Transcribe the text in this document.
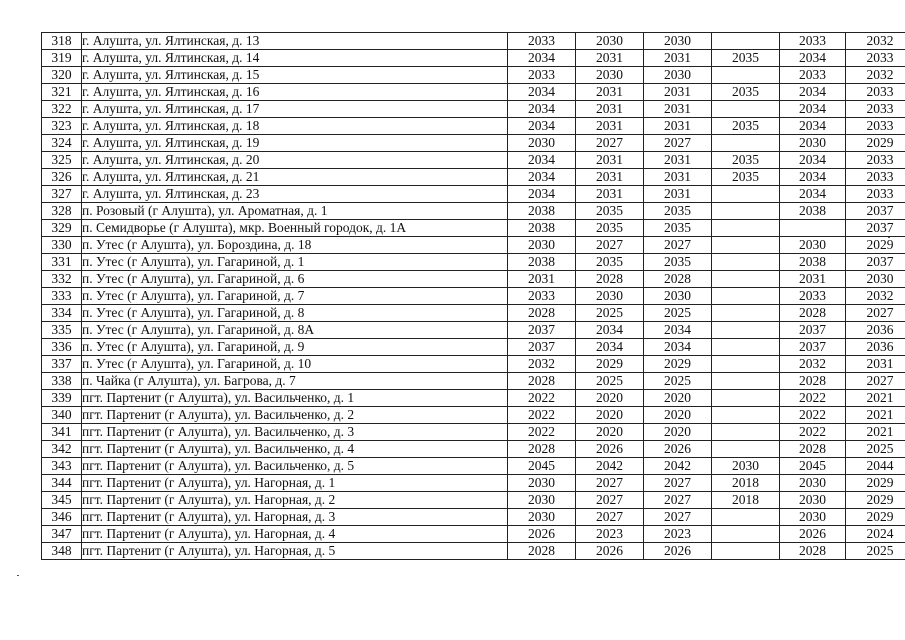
318	г. Алушта, ул. Ялтинская, д. 13	2033	2030	2030		2033	2032
319	г. Алушта, ул. Ялтинская, д. 14	2034	2031	2031	2035	2034	2033
320	г. Алушта, ул. Ялтинская, д. 15	2033	2030	2030		2033	2032
321	г. Алушта, ул. Ялтинская, д. 16	2034	2031	2031	2035	2034	2033
322	г. Алушта, ул. Ялтинская, д. 17	2034	2031	2031		2034	2033
323	г. Алушта, ул. Ялтинская, д. 18	2034	2031	2031	2035	2034	2033
324	г. Алушта, ул. Ялтинская, д. 19	2030	2027	2027		2030	2029
325	г. Алушта, ул. Ялтинская, д. 20	2034	2031	2031	2035	2034	2033
326	г. Алушта, ул. Ялтинская, д. 21	2034	2031	2031	2035	2034	2033
327	г. Алушта, ул. Ялтинская, д. 23	2034	2031	2031		2034	2033
328	п. Розовый (г Алушта), ул. Ароматная, д. 1	2038	2035	2035		2038	2037
329	п. Семидворье (г Алушта), мкр. Военный городок, д. 1А	2038	2035	2035			2037
330	п. Утес (г Алушта), ул. Бороздина, д. 18	2030	2027	2027		2030	2029
331	п. Утес (г Алушта), ул. Гагариной, д. 1	2038	2035	2035		2038	2037
332	п. Утес (г Алушта), ул. Гагариной, д. 6	2031	2028	2028		2031	2030
333	п. Утес (г Алушта), ул. Гагариной, д. 7	2033	2030	2030		2033	2032
334	п. Утес (г Алушта), ул. Гагариной, д. 8	2028	2025	2025		2028	2027
335	п. Утес (г Алушта), ул. Гагариной, д. 8А	2037	2034	2034		2037	2036
336	п. Утес (г Алушта), ул. Гагариной, д. 9	2037	2034	2034		2037	2036
337	п. Утес (г Алушта), ул. Гагариной, д. 10	2032	2029	2029		2032	2031
338	п. Чайка (г Алушта), ул. Багрова, д. 7	2028	2025	2025		2028	2027
339	пгт. Партенит (г Алушта), ул. Васильченко, д. 1	2022	2020	2020		2022	2021
340	пгт. Партенит (г Алушта), ул. Васильченко, д. 2	2022	2020	2020		2022	2021
341	пгт. Партенит (г Алушта), ул. Васильченко, д. 3	2022	2020	2020		2022	2021
342	пгт. Партенит (г Алушта), ул. Васильченко, д. 4	2028	2026	2026		2028	2025
343	пгт. Партенит (г Алушта), ул. Васильченко, д. 5	2045	2042	2042	2030	2045	2044
344	пгт. Партенит (г Алушта), ул. Нагорная, д. 1	2030	2027	2027	2018	2030	2029
345	пгт. Партенит (г Алушта), ул. Нагорная, д. 2	2030	2027	2027	2018	2030	2029
346	пгт. Партенит (г Алушта), ул. Нагорная, д. 3	2030	2027	2027		2030	2029
347	пгт. Партенит (г Алушта), ул. Нагорная, д. 4	2026	2023	2023		2026	2024
348	пгт. Партенит (г Алушта), ул. Нагорная, д. 5	2028	2026	2026		2028	2025
